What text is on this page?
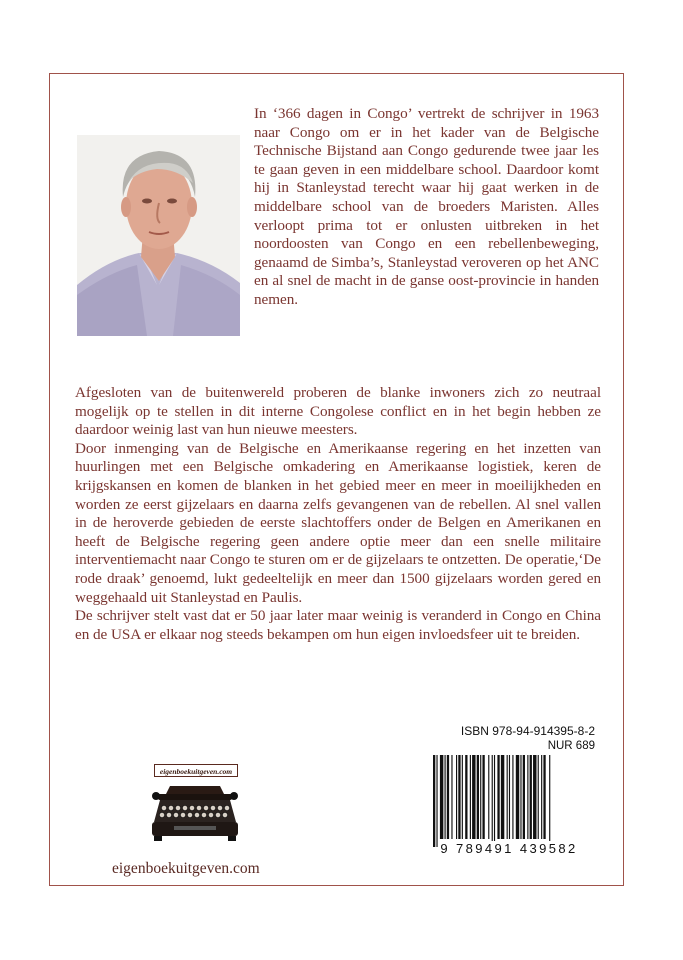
In ‘366 dagen in Congo’ vertrekt de schrijver in 1963 naar Congo om er in het kader van de Belgische Technische Bijstand aan Congo gedurende twee jaar les te gaan geven in een middelbare school. Daardoor komt hij in Stanleystad terecht waar hij gaat werken in de middelbare school van de broeders Maristen. Alles verloopt prima tot er onlusten uitbreken in het noordoosten van Congo en een rebellenbeweging, genaamd de Simba’s, Stanleystad veroveren op het ANC en al snel de macht in de ganse oost-provincie in handen nemen.

Afgesloten van de buitenwereld proberen de blanke inwoners zich zo neutraal mogelijk op te stellen in dit interne Congolese conflict en in het begin hebben ze daardoor weinig last van hun nieuwe meesters.
Door inmenging van de Belgische en Amerikaanse regering en het inzetten van huurlingen met een Belgische omkadering en Amerikaanse logistiek, keren de krijgskansen en komen de blanken in het gebied meer en meer in moeilijkheden en worden ze eerst gijzelaars en daarna zelfs gevangenen van de rebellen. Al snel vallen in de heroverde gebieden de eerste slachtoffers onder de Belgen en Amerikanen en heeft de Belgische regering geen andere optie meer dan een snelle militaire interventiemacht naar Congo te sturen om er de gijzelaars te ontzetten. De operatie,‘De rode draak’ genoemd, lukt gedeeltelijk en meer dan 1500 gijzelaars worden gered en weggehaald uit Stanleystad en Paulis.
De schrijver stelt vast dat er 50 jaar later maar weinig is veranderd in Congo en China en de USA er elkaar nog steeds bekampen om hun eigen invloedsfeer uit te breiden.
eigenboekuitgeven.com
eigenboekuitgeven.com
ISBN 978-94-914395-8-2
NUR 689
9 789491 439582
